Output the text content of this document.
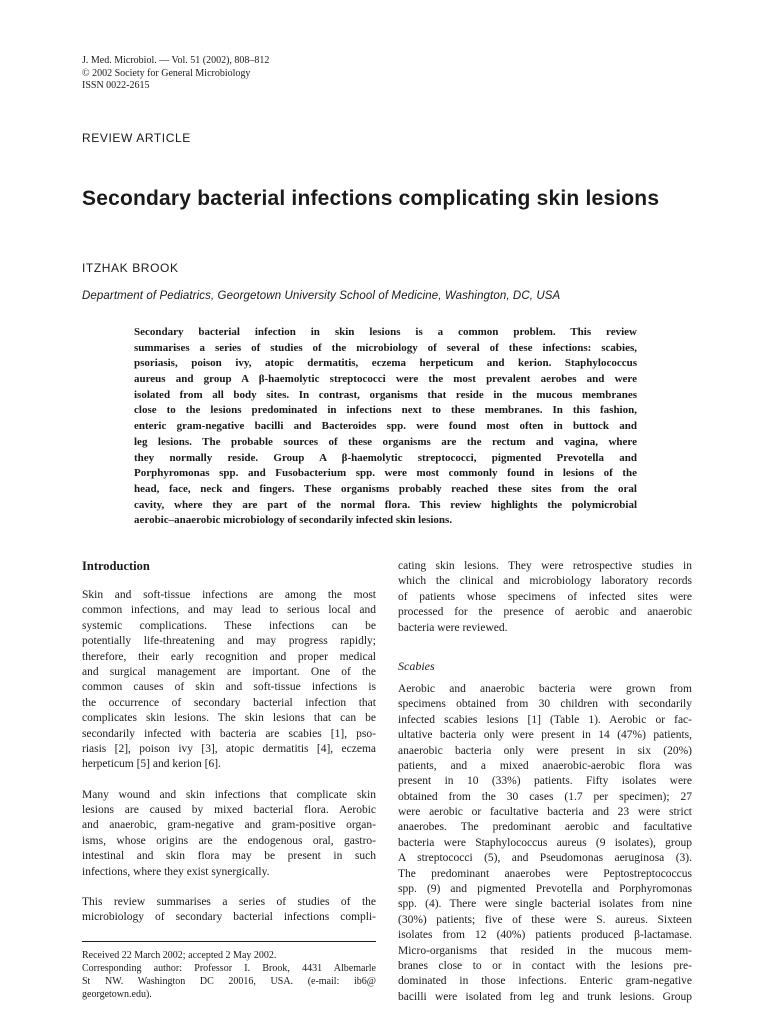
J. Med. Microbiol. — Vol. 51 (2002), 808–812
© 2002 Society for General Microbiology
ISSN 0022-2615
REVIEW ARTICLE
Secondary bacterial infections complicating skin lesions
ITZHAK BROOK
Department of Pediatrics, Georgetown University School of Medicine, Washington, DC, USA
Secondary bacterial infection in skin lesions is a common problem. This review
summarises a series of studies of the microbiology of several of these infections: scabies,
psoriasis, poison ivy, atopic dermatitis, eczema herpeticum and kerion. Staphylococcus
aureus and group A β-haemolytic streptococci were the most prevalent aerobes and were
isolated from all body sites. In contrast, organisms that reside in the mucous membranes
close to the lesions predominated in infections next to these membranes. In this fashion,
enteric gram-negative bacilli and Bacteroides spp. were found most often in buttock and
leg lesions. The probable sources of these organisms are the rectum and vagina, where
they normally reside. Group A β-haemolytic streptococci, pigmented Prevotella and
Porphyromonas spp. and Fusobacterium spp. were most commonly found in lesions of the
head, face, neck and fingers. These organisms probably reached these sites from the oral
cavity, where they are part of the normal flora. This review highlights the polymicrobial
aerobic–anaerobic microbiology of secondarily infected skin lesions.
Introduction
Skin and soft-tissue infections are among the most
common infections, and may lead to serious local and
systemic complications. These infections can be
potentially life-threatening and may progress rapidly;
therefore, their early recognition and proper medical
and surgical management are important. One of the
common causes of skin and soft-tissue infections is
the occurrence of secondary bacterial infection that
complicates skin lesions. The skin lesions that can be
secondarily infected with bacteria are scabies [1], pso-
riasis [2], poison ivy [3], atopic dermatitis [4], eczema
herpeticum [5] and kerion [6].
Many wound and skin infections that complicate skin
lesions are caused by mixed bacterial flora. Aerobic
and anaerobic, gram-negative and gram-positive organ-
isms, whose origins are the endogenous oral, gastro-
intestinal and skin flora may be present in such
infections, where they exist synergically.
This review summarises a series of studies of the
microbiology of secondary bacterial infections compli-
Received 22 March 2002; accepted 2 May 2002.
Corresponding author: Professor I. Brook, 4431 Albemarle
St NW. Washington DC 20016, USA. (e-mail: ib6@
georgetown.edu).
cating skin lesions. They were retrospective studies in
which the clinical and microbiology laboratory records
of patients whose specimens of infected sites were
processed for the presence of aerobic and anaerobic
bacteria were reviewed.
Scabies
Aerobic and anaerobic bacteria were grown from
specimens obtained from 30 children with secondarily
infected scabies lesions [1] (Table 1). Aerobic or fac-
ultative bacteria only were present in 14 (47%) patients,
anaerobic bacteria only were present in six (20%)
patients, and a mixed anaerobic-aerobic flora was
present in 10 (33%) patients. Fifty isolates were
obtained from the 30 cases (1.7 per specimen); 27
were aerobic or facultative bacteria and 23 were strict
anaerobes. The predominant aerobic and facultative
bacteria were Staphylococcus aureus (9 isolates), group
A streptococci (5), and Pseudomonas aeruginosa (3).
The predominant anaerobes were Peptostreptococcus
spp. (9) and pigmented Prevotella and Porphyromonas
spp. (4). There were single bacterial isolates from nine
(30%) patients; five of these were S. aureus. Sixteen
isolates from 12 (40%) patients produced β-lactamase.
Micro-organisms that resided in the mucous mem-
branes close to or in contact with the lesions pre-
dominated in those infections. Enteric gram-negative
bacilli were isolated from leg and trunk lesions. Group
